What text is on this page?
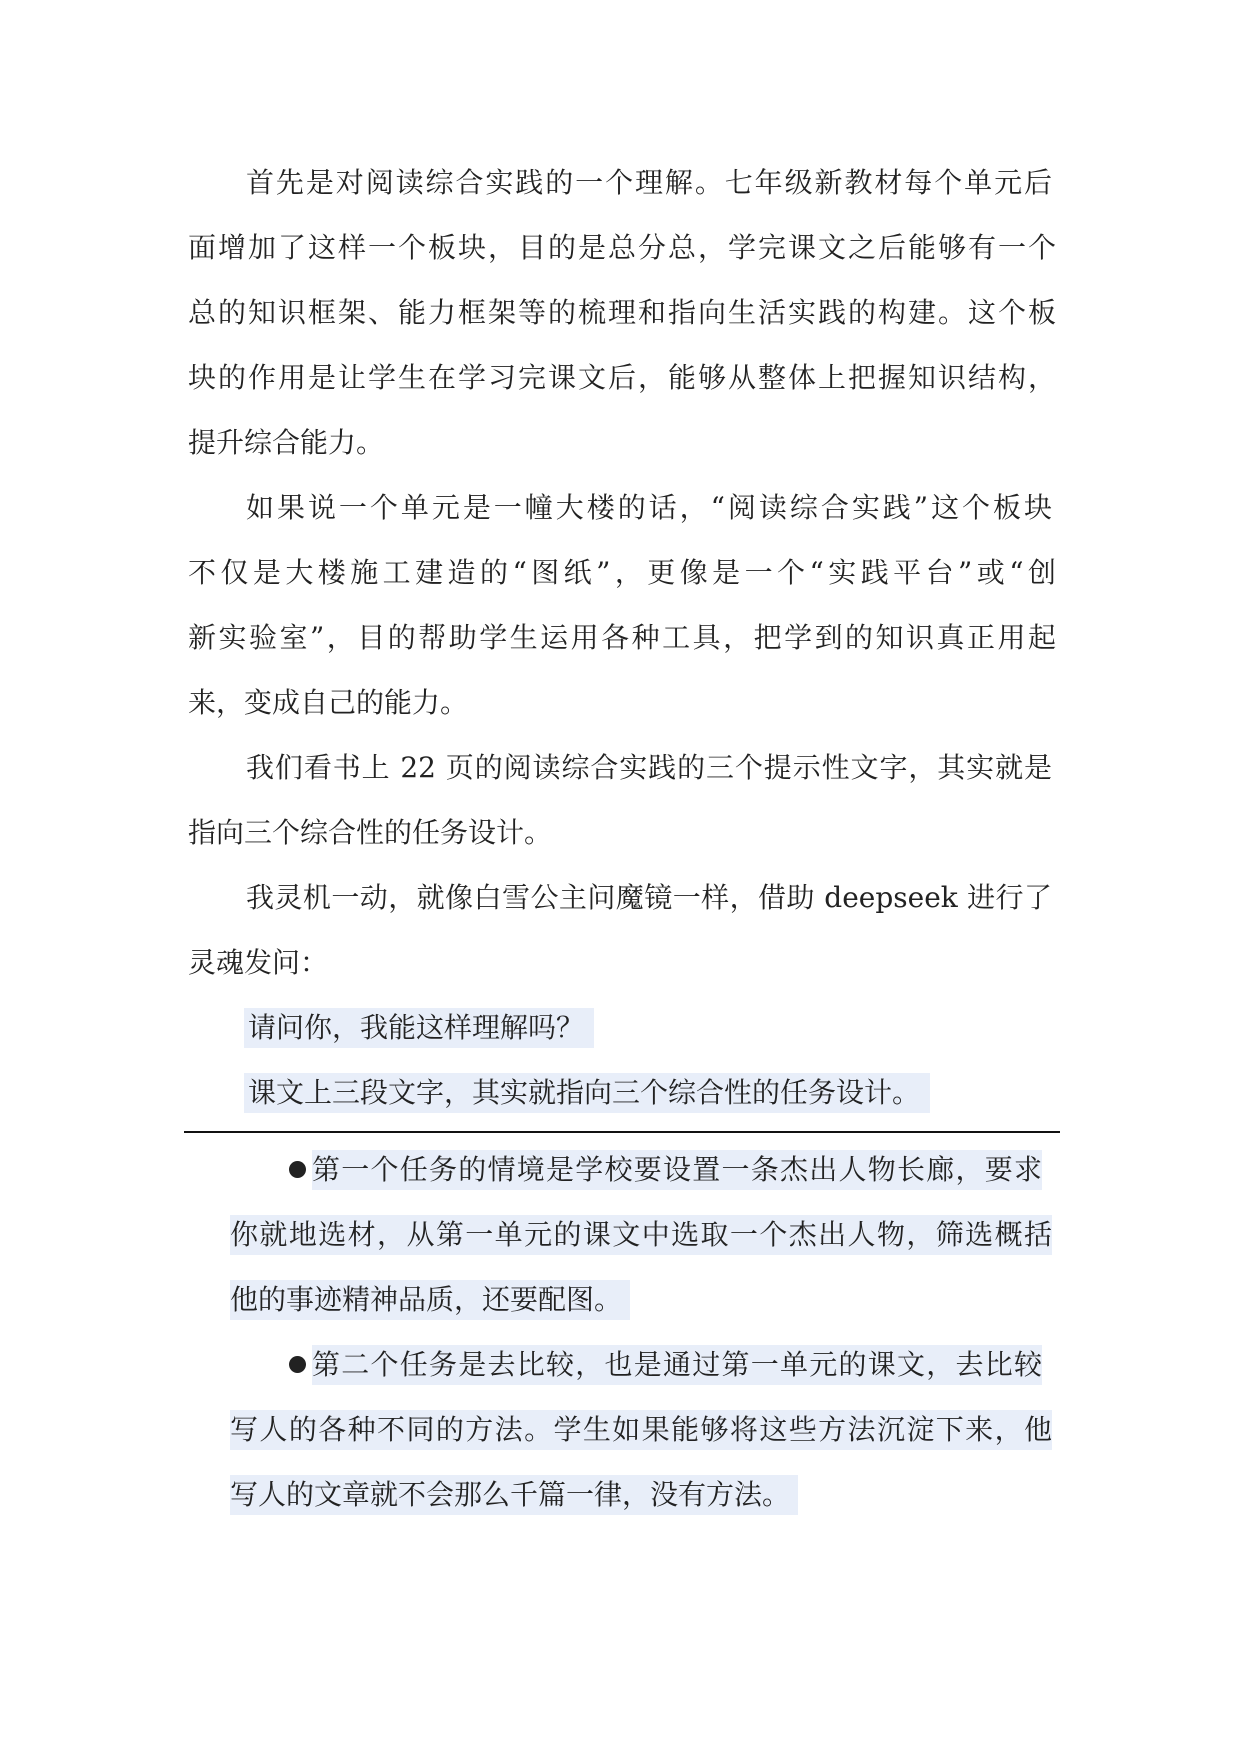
首先是对阅读综合实践的一个理解。七年级新教材每个单元后
面增加了这样一个板块，目的是总分总，学完课文之后能够有一个
总的知识框架、能力框架等的梳理和指向生活实践的构建。这个板
块的作用是让学生在学习完课文后，能够从整体上把握知识结构，
提升综合能力。
如果说一个单元是一幢大楼的话，“阅读综合实践”这个板块
不仅是大楼施工建造的“图纸”，更像是一个“实践平台”或“创
新实验室”，目的帮助学生运用各种工具，把学到的知识真正用起
来，变成自己的能力。
我们看书上 22 页的阅读综合实践的三个提示性文字，其实就是
指向三个综合性的任务设计。
我灵机一动，就像白雪公主问魔镜一样，借助 deepseek 进行了
灵魂发问：
请问你，我能这样理解吗？
课文上三段文字，其实就指向三个综合性的任务设计。
第一个任务的情境是学校要设置一条杰出人物长廊，要求
你就地选材，从第一单元的课文中选取一个杰出人物，筛选概括
他的事迹精神品质，还要配图。
第二个任务是去比较，也是通过第一单元的课文，去比较
写人的各种不同的方法。学生如果能够将这些方法沉淀下来，他
写人的文章就不会那么千篇一律，没有方法。
